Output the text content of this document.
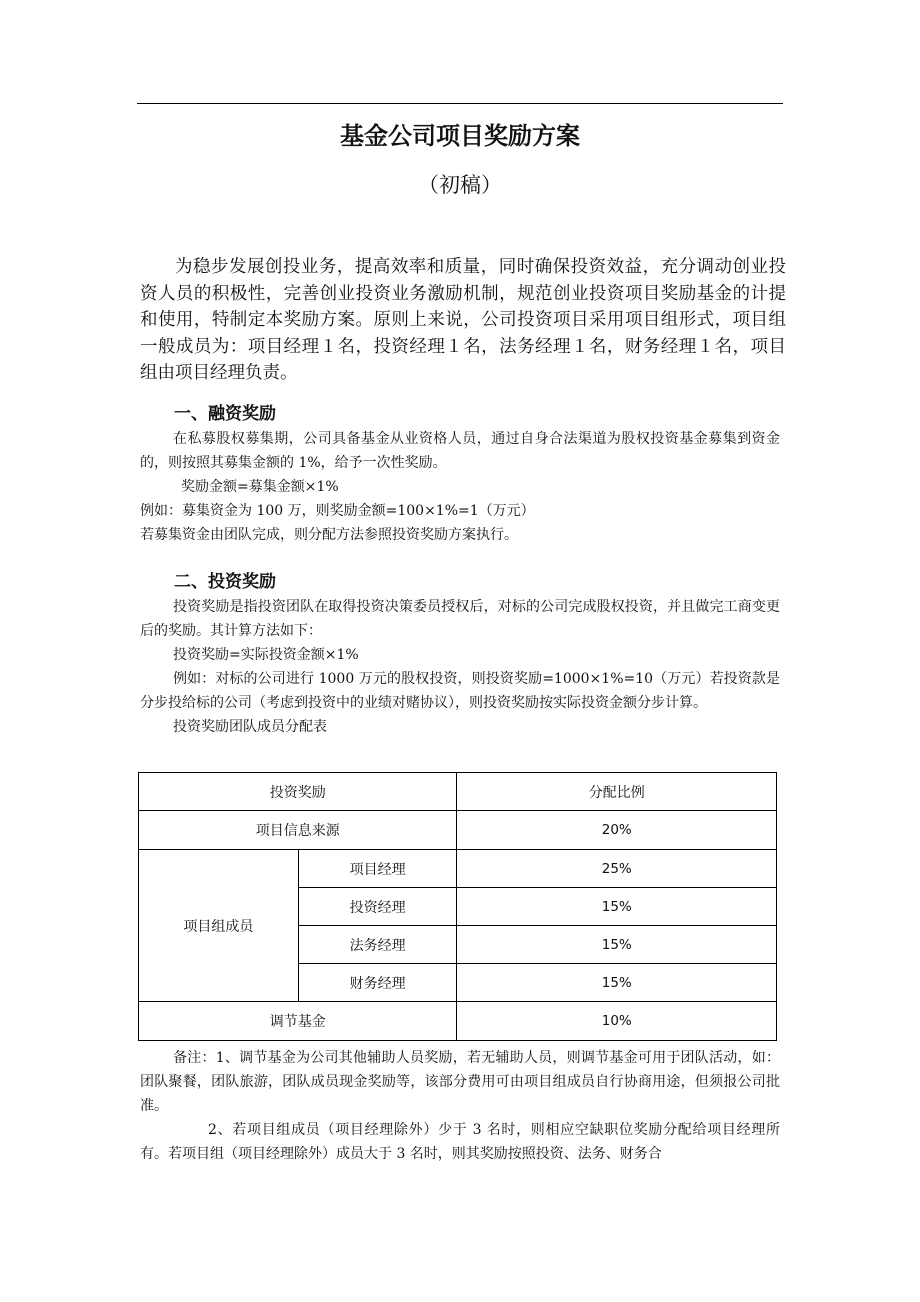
基金公司项目奖励方案
（初稿）

为稳步发展创投业务，提高效率和质量，同时确保投资效益，充分调动创业投资人员的积极性，完善创业投资业务激励机制，规范创业投资项目奖励基金的计提和使用，特制定本奖励方案。原则上来说，公司投资项目采用项目组形式，项目组一般成员为：项目经理１名，投资经理１名，法务经理１名，财务经理１名，项目组由项目经理负责。

一、融资奖励

在私募股权募集期，公司具备基金从业资格人员，通过自身合法渠道为股权投资基金募集到资金的，则按照其募集金额的 1%，给予一次性奖励。

奖励金额=募集金额×1%

例如：募集资金为 100 万，则奖励金额=100×1%=1（万元）

若募集资金由团队完成，则分配方法参照投资奖励方案执行。

二、投资奖励

投资奖励是指投资团队在取得投资决策委员授权后，对标的公司完成股权投资，并且做完工商变更后的奖励。其计算方法如下：

投资奖励=实际投资金额×1%

例如：对标的公司进行 1000 万元的股权投资，则投资奖励=1000×1%=10（万元）若投资款是分步投给标的公司（考虑到投资中的业绩对赌协议），则投资奖励按实际投资金额分步计算。

投资奖励团队成员分配表

投资奖励		分配比例
项目信息来源		20%
项目组成员	项目经理	25%
	投资经理	15%
	法务经理	15%
	财务经理	15%
调节基金		10%

备注：1、调节基金为公司其他辅助人员奖励，若无辅助人员，则调节基金可用于团队活动，如：团队聚餐，团队旅游，团队成员现金奖励等，该部分费用可由项目组成员自行协商用途，但须报公司批准。

2、若项目组成员（项目经理除外）少于 3 名时，则相应空缺职位奖励分配给项目经理所有。若项目组（项目经理除外）成员大于 3 名时，则其奖励按照投资、法务、财务合
